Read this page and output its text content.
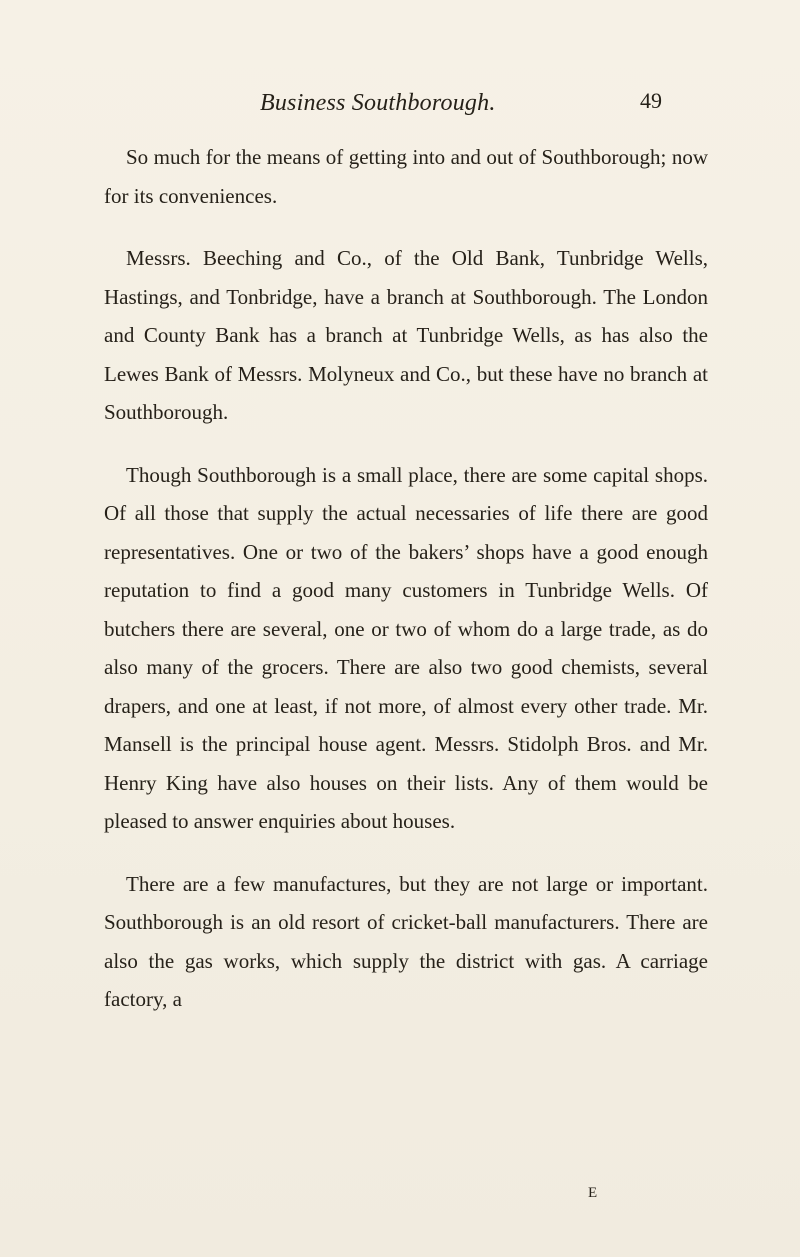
Business Southborough.	49

So much for the means of getting into and out of Southborough; now for its conveniences.

Messrs. Beeching and Co., of the Old Bank, Tunbridge Wells, Hastings, and Tonbridge, have a branch at Southborough. The London and County Bank has a branch at Tunbridge Wells, as has also the Lewes Bank of Messrs. Molyneux and Co., but these have no branch at Southborough.

Though Southborough is a small place, there are some capital shops. Of all those that supply the actual necessaries of life there are good representatives. One or two of the bakers’ shops have a good enough reputation to find a good many customers in Tunbridge Wells. Of butchers there are several, one or two of whom do a large trade, as do also many of the grocers. There are also two good chemists, several drapers, and one at least, if not more, of almost every other trade. Mr. Mansell is the principal house agent. Messrs. Stidolph Bros. and Mr. Henry King have also houses on their lists. Any of them would be pleased to answer enquiries about houses.

There are a few manufactures, but they are not large or important. Southborough is an old resort of cricket-ball manufacturers. There are also the gas works, which supply the district with gas. A carriage factory, a

E
